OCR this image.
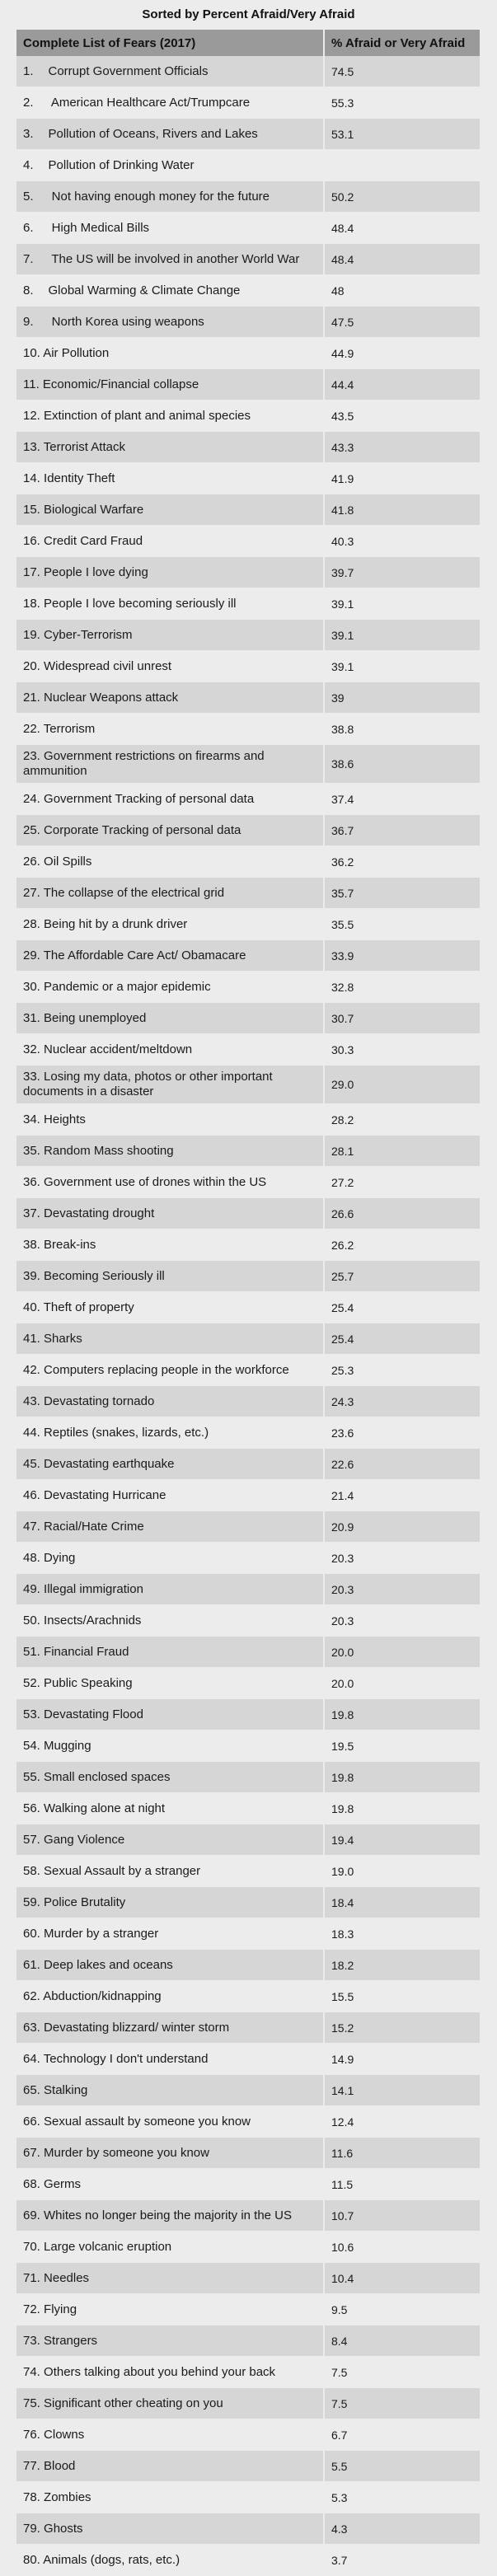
Sorted by Percent Afraid/Very Afraid
Complete List of Fears (2017)	% Afraid or Very Afraid
1.   Corrupt Government Officials	74.5
2.    American Healthcare Act/Trumpcare	55.3
3.   Pollution of Oceans, Rivers and Lakes	53.1
4.   Pollution of Drinking Water	
5.    Not having enough money for the future	50.2
6.    High Medical Bills	48.4
7.    The US will be involved in another World War	48.4
8.   Global Warming & Climate Change	48
9.    North Korea using weapons	47.5
10. Air Pollution	44.9
11. Economic/Financial collapse	44.4
12. Extinction of plant and animal species	43.5
13. Terrorist Attack	43.3
14. Identity Theft	41.9
15. Biological Warfare	41.8
16. Credit Card Fraud	40.3
17. People I love dying	39.7
18. People I love becoming seriously ill	39.1
19. Cyber-Terrorism	39.1
20. Widespread civil unrest	39.1
21. Nuclear Weapons attack	39
22. Terrorism	38.8
23. Government restrictions on firearms and ammunition	38.6
24. Government Tracking of personal data	37.4
25. Corporate Tracking of personal data	36.7
26. Oil Spills	36.2
27. The collapse of the electrical grid	35.7
28. Being hit by a drunk driver	35.5
29. The Affordable Care Act/ Obamacare	33.9
30. Pandemic or a major epidemic	32.8
31. Being unemployed	30.7
32. Nuclear accident/meltdown	30.3
33. Losing my data, photos or other important documents in a disaster	29.0
34. Heights	28.2
35. Random Mass shooting	28.1
36. Government use of drones within the US	27.2
37. Devastating drought	26.6
38. Break-ins	26.2
39. Becoming Seriously ill	25.7
40. Theft of property	25.4
41. Sharks	25.4
42. Computers replacing people in the workforce	25.3
43. Devastating tornado	24.3
44. Reptiles (snakes, lizards, etc.)	23.6
45. Devastating earthquake	22.6
46. Devastating Hurricane	21.4
47. Racial/Hate Crime	20.9
48. Dying	20.3
49. Illegal immigration	20.3
50. Insects/Arachnids	20.3
51. Financial Fraud	20.0
52. Public Speaking	20.0
53. Devastating Flood	19.8
54. Mugging	19.5
55. Small enclosed spaces	19.8
56. Walking alone at night	19.8
57. Gang Violence	19.4
58. Sexual Assault by a stranger	19.0
59. Police Brutality	18.4
60. Murder by a stranger	18.3
61. Deep lakes and oceans	18.2
62. Abduction/kidnapping	15.5
63. Devastating blizzard/ winter storm	15.2
64. Technology I don't understand	14.9
65. Stalking	14.1
66. Sexual assault by someone you know	12.4
67. Murder by someone you know	11.6
68. Germs	11.5
69. Whites no longer being the majority in the US	10.7
70. Large volcanic eruption	10.6
71. Needles	10.4
72. Flying	9.5
73. Strangers	8.4
74. Others talking about you behind your back	7.5
75. Significant other cheating on you	7.5
76. Clowns	6.7
77. Blood	5.5
78. Zombies	5.3
79. Ghosts	4.3
80. Animals (dogs, rats, etc.)	3.7
